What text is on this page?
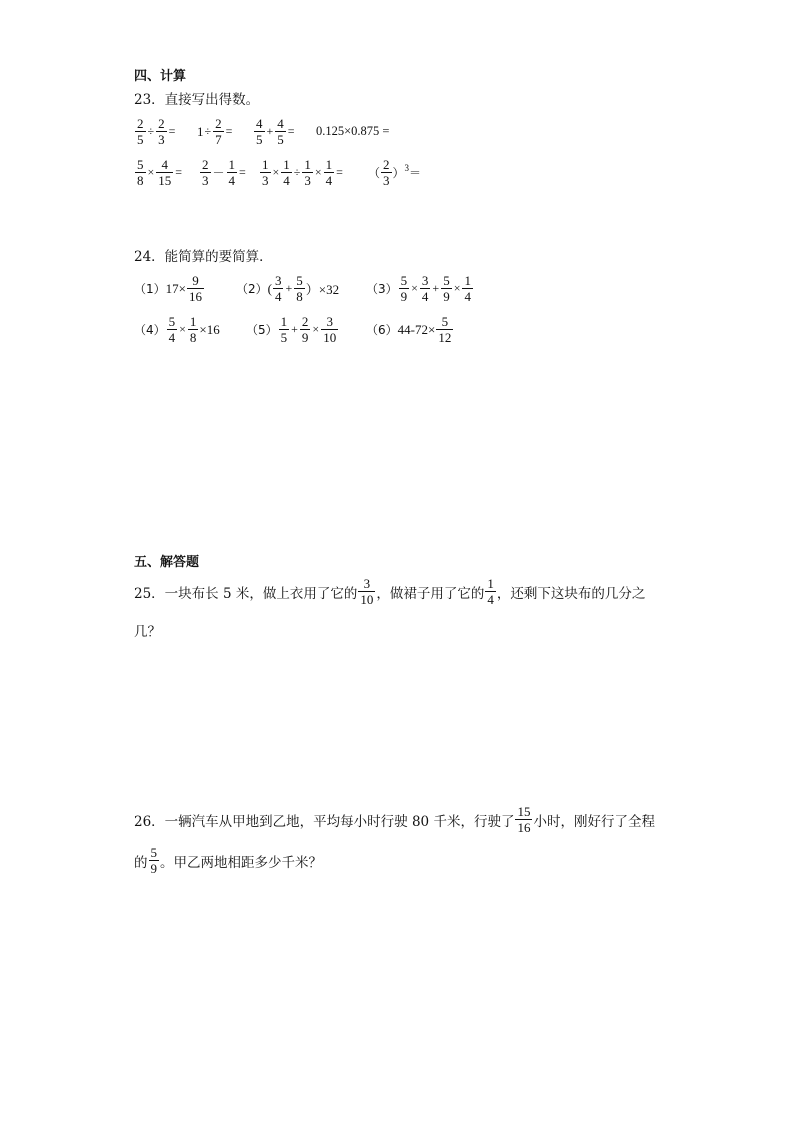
四、计算
23．直接写出得数。
$\frac{2}{5} \div \frac{2}{3} = 1 \div \frac{2}{7} = \frac{4}{5} + \frac{4}{5} = 0.125\times 0.875$ =
$\frac{5}{8} \times \frac{4}{15} = \frac{2}{3} - \frac{1}{4} = \frac{1}{3} \times \frac{1}{4} \div \frac{1}{3} \times \frac{1}{4}$ = （ $\frac{2}{3}$ ） 3 ＝
24．能简算的要简算．
（1） $17\times \frac{9}{16}$	（2） ( $\frac{3}{4} + \frac{5}{8} )\times 32$ $(3) \frac{5}{9} \times \frac{3}{4} + \frac{5}{9} \times \frac{1}{4}$
$(4) \frac{5}{4} \times \frac{1}{8} \times 16$ $(5) \frac{1}{5} + \frac{2}{9} \times \frac{3}{10} (6)$ $44-72\times \frac{5}{12}$
五、解答题
25．一块布长 5 米，做上衣用了它的 $\frac{3}{10}$ ，做裙子用了它的 $\frac{1}{4}$ ，还剩下这块布的几分之
几？
26．一辆汽车从甲地到乙地，平均每小时行驶 80 千米，行驶了 $\frac{15}{16}$ 小时，刚好行了全程
的 $\frac{5}{9}$ 。甲乙两地相距多少千米？
